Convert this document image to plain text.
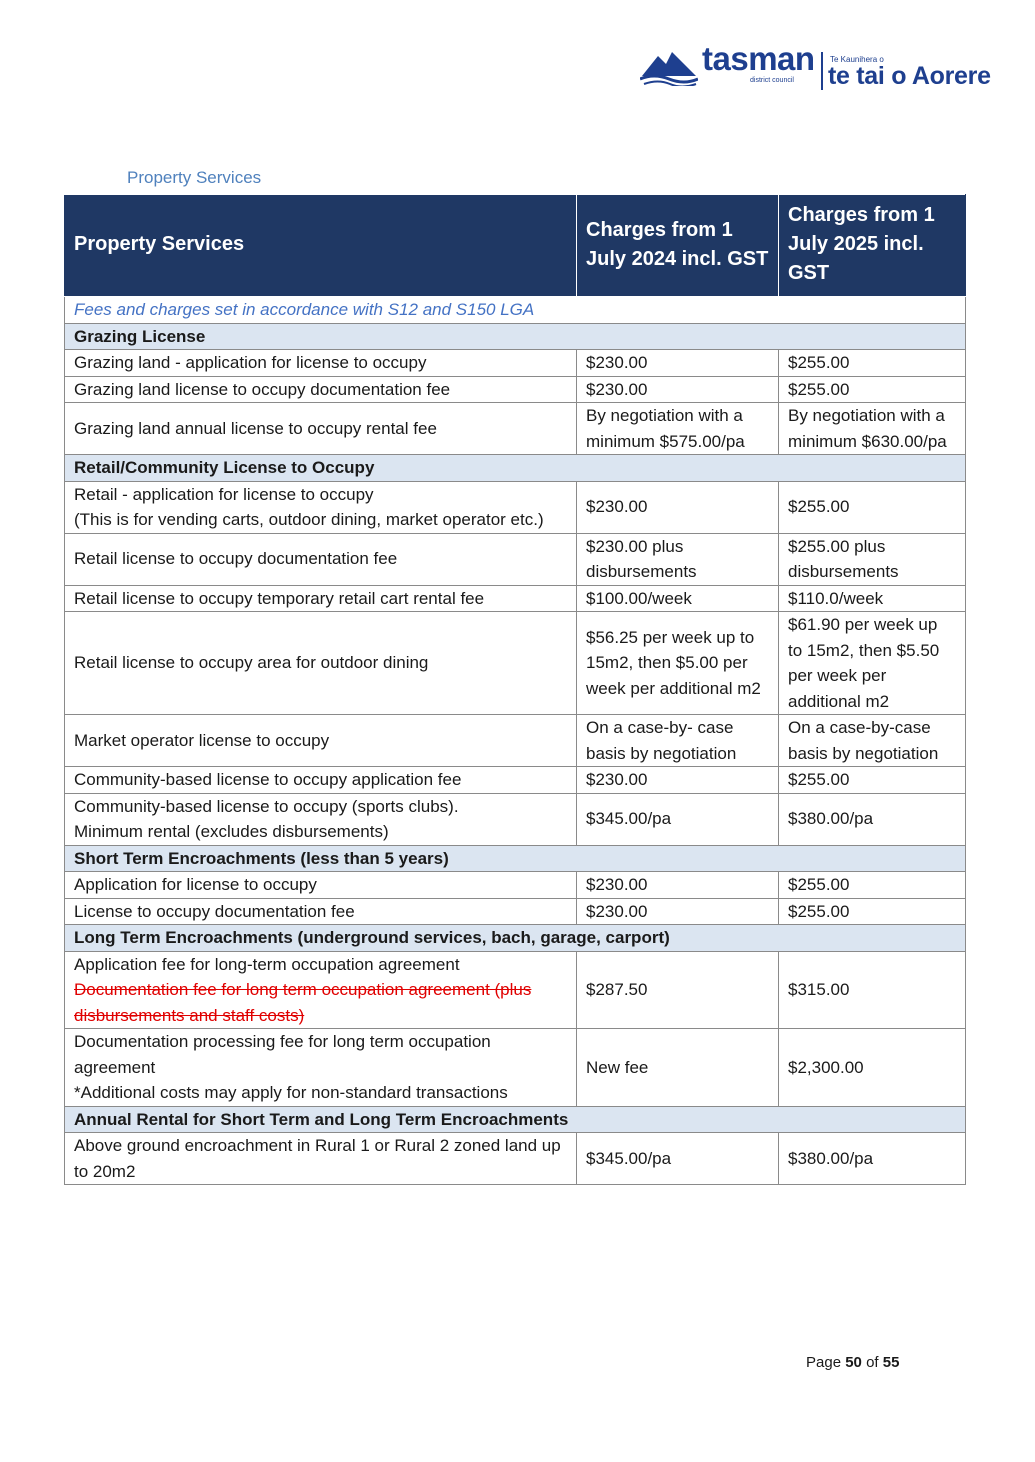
tasman
district council
Te Kaunihera o
te tai o Aorere
Property Services
Property Services	Charges from 1 July 2024 incl. GST	Charges from 1 July 2025 incl. GST
Fees and charges set in accordance with S12 and S150 LGA		
Grazing License		
Grazing land - application for license to occupy	$230.00	$255.00
Grazing land license to occupy documentation fee	$230.00	$255.00
Grazing land annual license to occupy rental fee	By negotiation with a minimum $575.00/pa	By negotiation with a minimum $630.00/pa
Retail/Community License to Occupy		

Retail - application for license to occupy
(This is for vending carts, outdoor dining, market operator etc.)	$230.00	$255.00
Retail license to occupy documentation fee	$230.00 plus disbursements	$255.00 plus disbursements
Retail license to occupy temporary retail cart rental fee	$100.00/week	$110.0/week
Retail license to occupy area for outdoor dining	$56.25 per week up to 15m2, then $5.00 per week per additional m2	$61.90 per week up to 15m2, then $5.50 per week per additional m2
Market operator license to occupy	On a case-by- case basis by negotiation	On a case-by-case basis by negotiation
Community-based license to occupy application fee	$230.00	$255.00

Community-based license to occupy (sports clubs).
Minimum rental (excludes disbursements)	$345.00/pa	$380.00/pa
Short Term Encroachments (less than 5 years)		
Application for license to occupy	$230.00	$255.00
License to occupy documentation fee	$230.00	$255.00
Long Term Encroachments (underground services, bach, garage, carport)		

Application fee for long-term occupation agreement
Documentation fee for long term occupation agreement (plus disbursements and staff costs)	$287.50	$315.00

Documentation processing fee for long term occupation agreement
*Additional costs may apply for non-standard transactions	New fee	$2,300.00
Annual Rental for Short Term and Long Term Encroachments		
Above ground encroachment in Rural 1 or Rural 2 zoned land up to 20m2	$345.00/pa	$380.00/pa
Page 50 of 55
